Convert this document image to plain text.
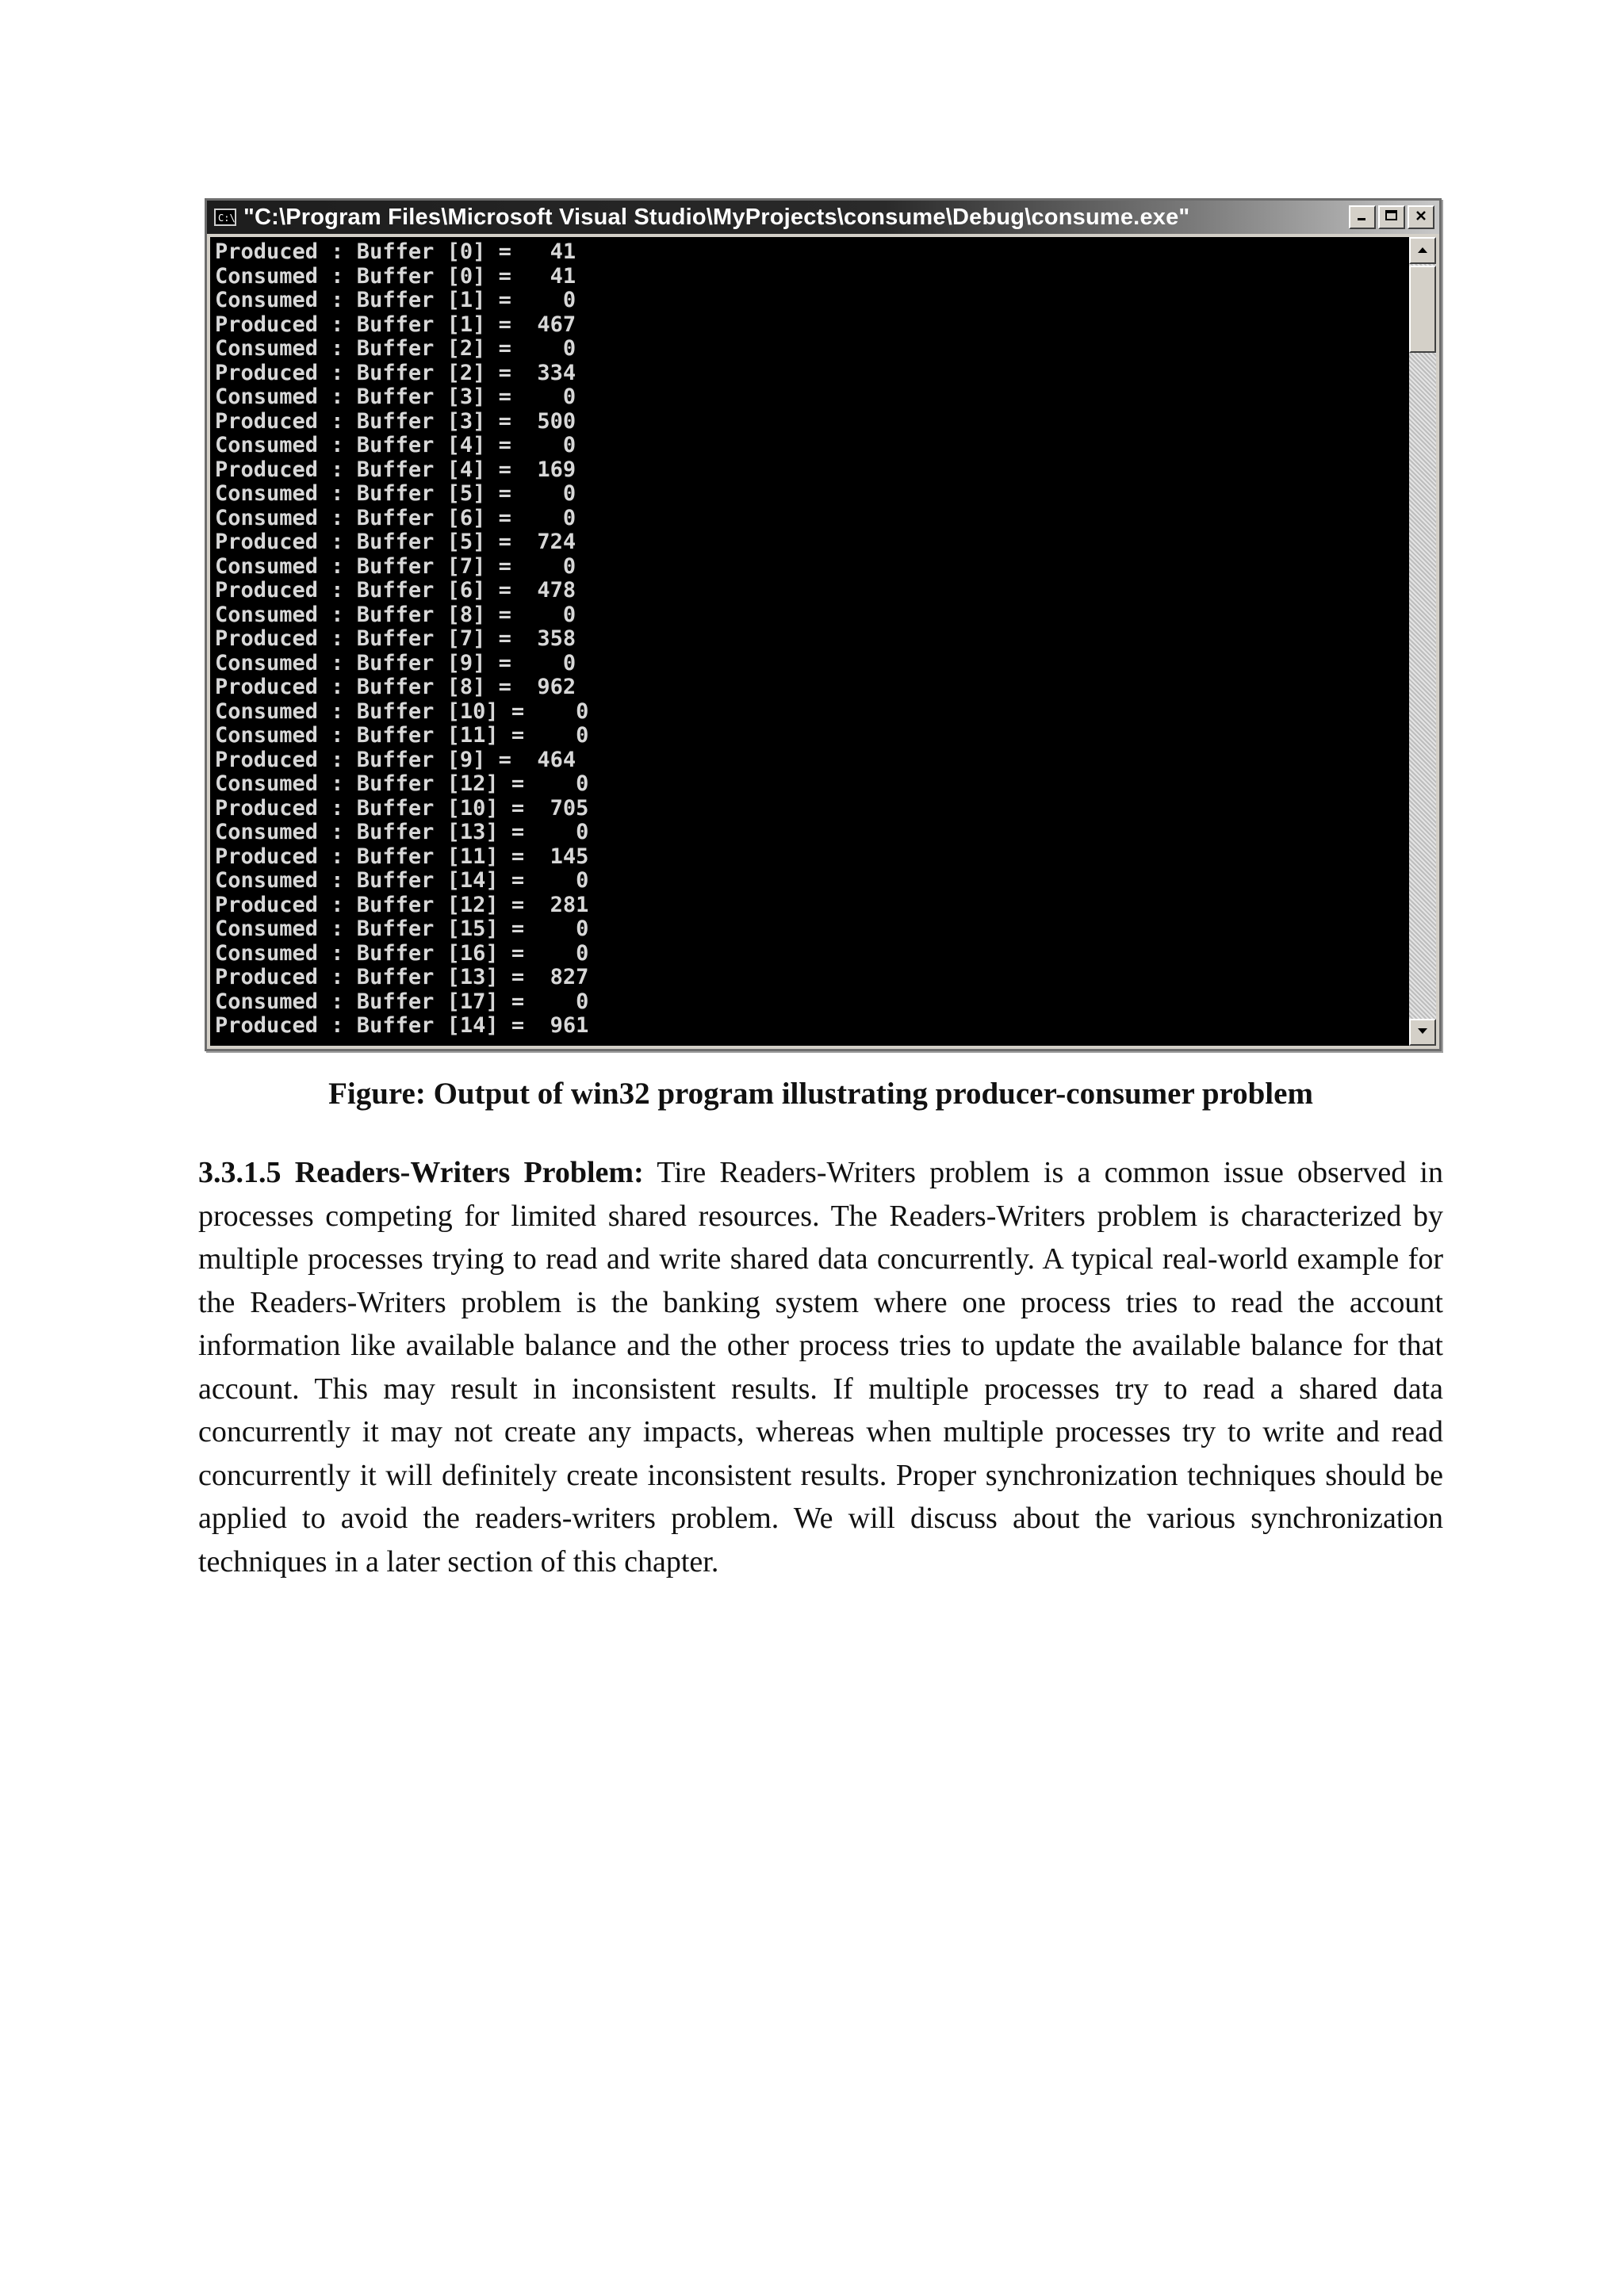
C:\ "C:\Program Files\Microsoft Visual Studio\MyProjects\consume\Debug\consume.exe"
Produced : Buffer [0] =   41
Consumed : Buffer [0] =   41
Consumed : Buffer [1] =    0
Produced : Buffer [1] =  467
Consumed : Buffer [2] =    0
Produced : Buffer [2] =  334
Consumed : Buffer [3] =    0
Produced : Buffer [3] =  500
Consumed : Buffer [4] =    0
Produced : Buffer [4] =  169
Consumed : Buffer [5] =    0
Consumed : Buffer [6] =    0
Produced : Buffer [5] =  724
Consumed : Buffer [7] =    0
Produced : Buffer [6] =  478
Consumed : Buffer [8] =    0
Produced : Buffer [7] =  358
Consumed : Buffer [9] =    0
Produced : Buffer [8] =  962
Consumed : Buffer [10] =    0
Consumed : Buffer [11] =    0
Produced : Buffer [9] =  464
Consumed : Buffer [12] =    0
Produced : Buffer [10] =  705
Consumed : Buffer [13] =    0
Produced : Buffer [11] =  145
Consumed : Buffer [14] =    0
Produced : Buffer [12] =  281
Consumed : Buffer [15] =    0
Consumed : Buffer [16] =    0
Produced : Buffer [13] =  827
Consumed : Buffer [17] =    0
Produced : Buffer [14] =  961
Figure: Output of win32 program illustrating producer-consumer problem

3.3.1.5 Readers-Writers Problem: Tire Readers-Writers problem is a common issue observed in processes competing for limited shared resources. The Readers-Writers problem is characterized by multiple processes trying to read and write shared data concurrently. A typical real-world example for the Readers-Writers problem is the banking system where one process tries to read the account information like available balance and the other process tries to update the available balance for that account. This may result in inconsistent results. If multiple processes try to read a shared data concurrently it may not create any impacts, whereas when multiple processes try to write and read concurrently it will definitely create inconsistent results. Proper synchronization techniques should be applied to avoid the readers-writers problem. We will discuss about the various synchronization techniques in a later section of this chapter.
